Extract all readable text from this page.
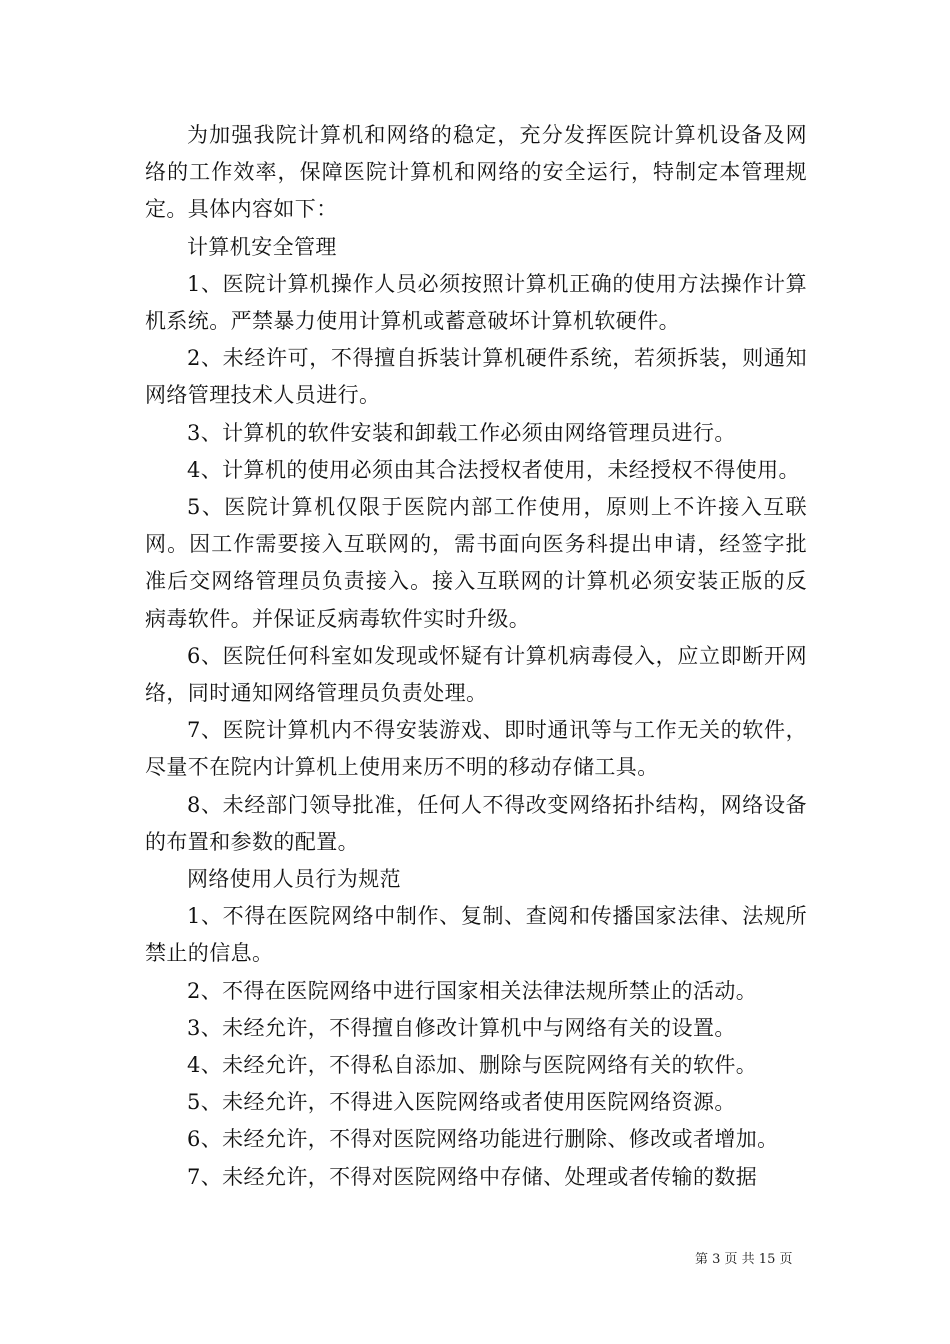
为加强我院计算机和网络的稳定，充分发挥医院计算机设备及网络的工作效率，保障医院计算机和网络的安全运行，特制定本管理规定。具体内容如下：

计算机安全管理

1、医院计算机操作人员必须按照计算机正确的使用方法操作计算机系统。严禁暴力使用计算机或蓄意破坏计算机软硬件。

2、未经许可，不得擅自拆装计算机硬件系统，若须拆装，则通知网络管理技术人员进行。

3、计算机的软件安装和卸载工作必须由网络管理员进行。

4、计算机的使用必须由其合法授权者使用，未经授权不得使用。

5、医院计算机仅限于医院内部工作使用，原则上不许接入互联网。因工作需要接入互联网的，需书面向医务科提出申请，经签字批准后交网络管理员负责接入。接入互联网的计算机必须安装正版的反病毒软件。并保证反病毒软件实时升级。

6、医院任何科室如发现或怀疑有计算机病毒侵入，应立即断开网络，同时通知网络管理员负责处理。

7、医院计算机内不得安装游戏、即时通讯等与工作无关的软件，尽量不在院内计算机上使用来历不明的移动存储工具。

8、未经部门领导批准，任何人不得改变网络拓扑结构，网络设备的布置和参数的配置。

网络使用人员行为规范

1、不得在医院网络中制作、复制、查阅和传播国家法律、法规所禁止的信息。

2、不得在医院网络中进行国家相关法律法规所禁止的活动。

3、未经允许，不得擅自修改计算机中与网络有关的设置。

4、未经允许，不得私自添加、删除与医院网络有关的软件。

5、未经允许，不得进入医院网络或者使用医院网络资源。

6、未经允许，不得对医院网络功能进行删除、修改或者增加。

7、未经允许，不得对医院网络中存储、处理或者传输的数据

第 3 页 共 15 页
